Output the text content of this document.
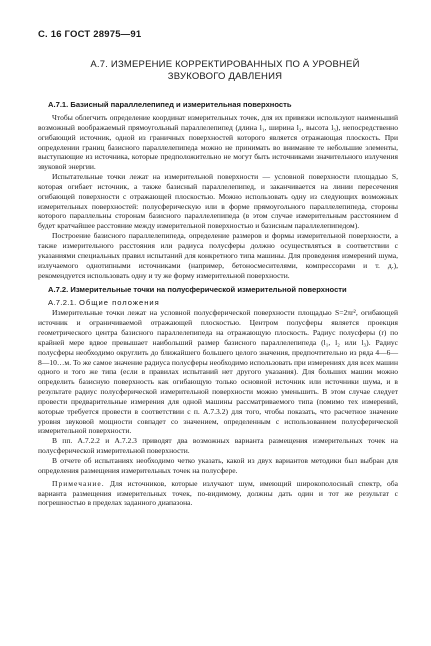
С. 16 ГОСТ 28975—91
А.7. ИЗМЕРЕНИЕ КОРРЕКТИРОВАННЫХ ПО А УРОВНЕЙ
ЗВУКОВОГО ДАВЛЕНИЯ
А.7.1. Базисный параллелепипед и измерительная поверхность

Чтобы облегчить определение координат измерительных точек, для их привязки используют наименьший возможный воображаемый прямоугольный параллелепипед (длина l₁, ширина l₂, высота l₃), непосредственно огибающий источник, одной из граничных поверхностей которого является отражающая плоскость. При определении границ базисного параллелепипеда можно не принимать во внимание те небольшие элементы, выступающие из источника, которые предположительно не могут быть источниками значительного излучения звуковой энергии.

Испытательные точки лежат на измерительной поверхности — условной поверхности площадью S, которая огибает источник, а также базисный параллелепипед, и заканчивается на линии пересечения огибающей поверхности с отражающей плоскостью. Можно использовать одну из следующих возможных измерительных поверхностей: полусферическую или в форме прямоугольного параллелепипеда, стороны которого параллельны сторонам базисного параллелепипеда (в этом случае измерительным расстоянием d будет кратчайшее расстояние между измерительной поверхностью и базисным параллелепипедом).

Построение базисного параллелепипеда, определение размеров и формы измерительной поверхности, а также измерительного расстояния или радиуса полусферы должно осуществляться в соответствии с указаниями специальных правил испытаний для конкретного типа машины. Для проведения измерений шума, излучаемого однотипными источниками (например, бетоносмесителями, компрессорами и т. д.), рекомендуется использовать одну и ту же форму измерительной поверхности.

А.7.2. Измерительные точки на полусферической измерительной поверхности
А.7.2.1. Общие положения

Измерительные точки лежат на условной полусферической поверхности площадью S=2πr², огибающей источник и ограничиваемой отражающей плоскостью. Центром полусферы является проекция геометрического центра базисного параллелепипеда на отражающую плоскость. Радиус полусферы (r) по крайней мере вдвое превышает наибольший размер базисного параллелепипеда (l₁, l₂ или l₃). Радиус полусферы необходимо округлить до ближайшего большего целого значения, предпочтительно из ряда 4—6—8—10…м. То же самое значение радиуса полусферы необходимо использовать при измерениях для всех машин одного и того же типа (если в правилах испытаний нет другого указания). Для больших машин можно определить базисную поверхность как огибающую только основной источник или источники шума, и в результате радиус полусферической измерительной поверхности можно уменьшить. В этом случае следует провести предварительные измерения для одной машины рассматриваемого типа (помимо тех измерений, которые требуется провести в соответствии с п. А.7.3.2) для того, чтобы показать, что расчетное значение уровня звуковой мощности совпадет со значением, определенным с использованием полусферической измерительной поверхности.

В пп. А.7.2.2 и А.7.2.3 приводят два возможных варианта размещения измерительных точек на полусферической измерительной поверхности.

В отчете об испытаниях необходимо четко указать, какой из двух вариантов методики был выбран для определения размещения измерительных точек на полусфере.

Примечание. Для источников, которые излучают шум, имеющий широкополосный спектр, оба варианта размещения измерительных точек, по-видимому, должны дать один и тот же результат с погрешностью в пределах заданного диапазона.
